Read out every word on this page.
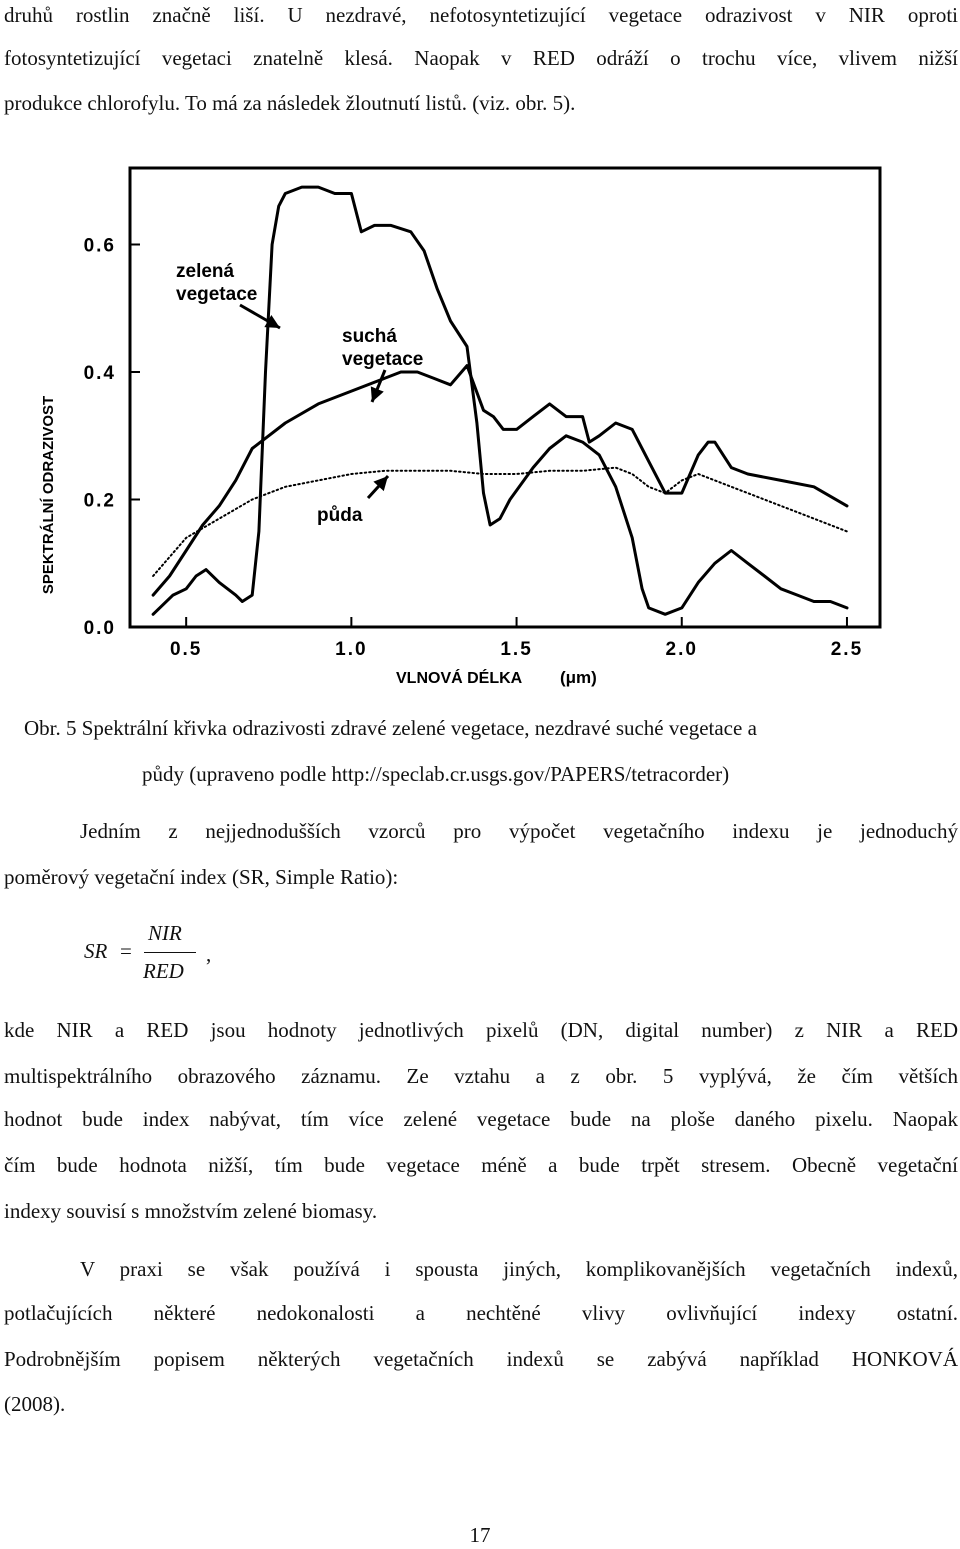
druhů rostlin značně liší. U nezdravé, nefotosyntetizující vegetace odrazivost v NIR oproti
fotosyntetizující vegetaci znatelně klesá. Naopak v RED odráží o trochu více, vlivem nižší
produkce chlorofylu. To má za následek žloutnutí listů. (viz. obr. 5).
0.5	1.0	1.5	2.0	2.5
0.0
0.2
0.4
0.6
zelená vegetace
suchá vegetace
půda
VLNOVÁ DÉLKA (μm)
SPEKTRÁLNÍ ODRAZIVOST
Obr. 5 Spektrální křivka odrazivosti zdravé zelené vegetace, nezdravé suché vegetace a
půdy (upraveno podle http://speclab.cr.usgs.gov/PAPERS/tetracorder)
Jedním z nejjednodušších vzorců pro výpočet vegetačního indexu je jednoduchý
poměrový vegetační index (SR, Simple Ratio):
SR =
NIR
RED
,
kde NIR a RED jsou hodnoty jednotlivých pixelů (DN, digital number) z NIR a RED
multispektrálního obrazového záznamu. Ze vztahu a z obr. 5 vyplývá, že čím větších
hodnot bude index nabývat, tím více zelené vegetace bude na ploše daného pixelu. Naopak
čím bude hodnota nižší, tím bude vegetace méně a bude trpět stresem. Obecně vegetační
indexy souvisí s množstvím zelené biomasy.
V praxi se však používá i spousta jiných, komplikovanějších vegetačních indexů,
potlačujících některé nedokonalosti a nechtěné vlivy ovlivňující indexy ostatní.
Podrobnějším popisem některých vegetačních indexů se zabývá například HONKOVÁ
(2008).
17
